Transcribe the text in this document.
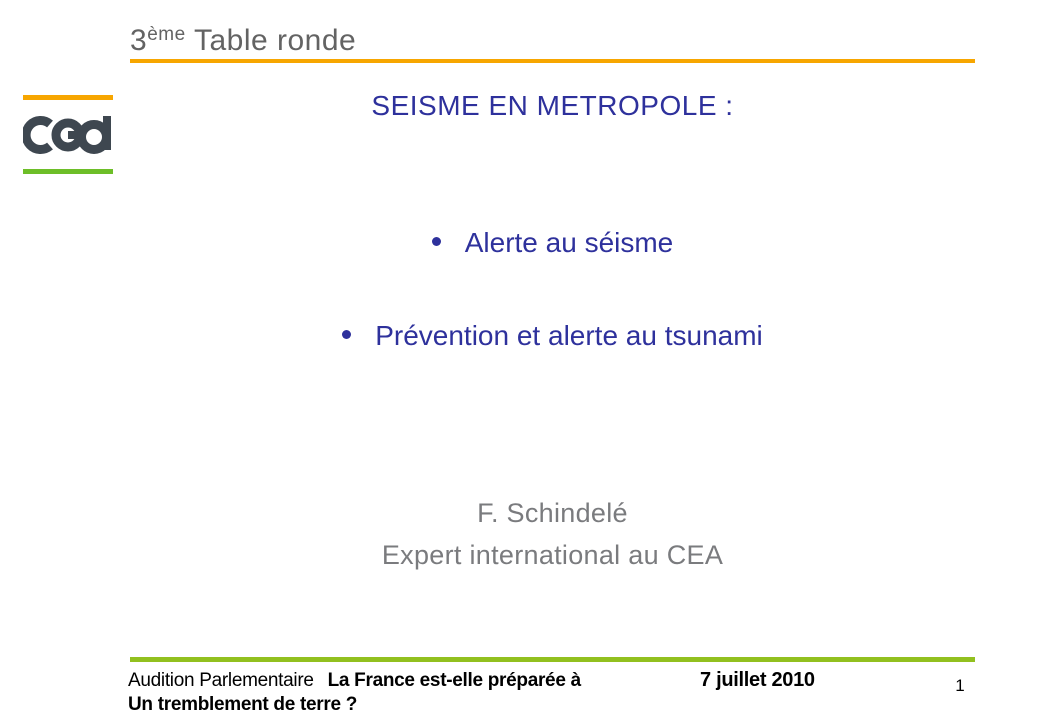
3ème Table ronde
SEISME EN METROPOLE :
Alerte au séisme
Prévention et alerte au tsunami
F. Schindelé
Expert international au CEA
Audition Parlementaire La France est-elle préparée à
Un tremblement de terre ?
7 juillet 2010	1
